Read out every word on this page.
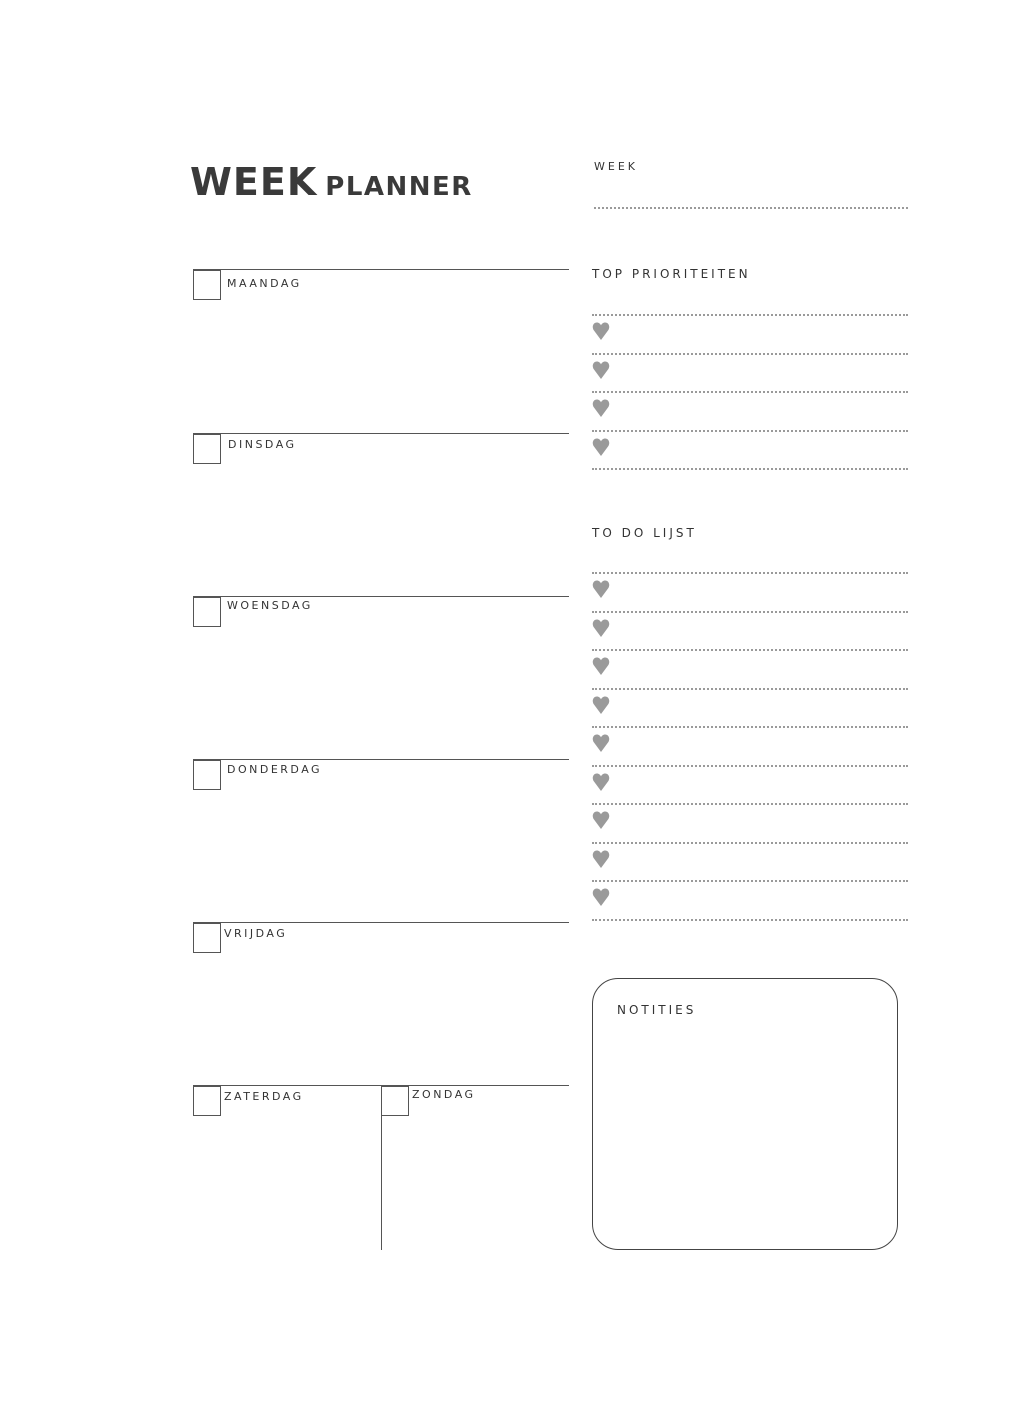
WEEK PLANNER
WEEK
MAANDAG
DINSDAG
WOENSDAG
DONDERDAG
VRIJDAG
ZATERDAG	ZONDAG
TOP PRIORITEITEN
TO DO LIJST
NOTITIES
